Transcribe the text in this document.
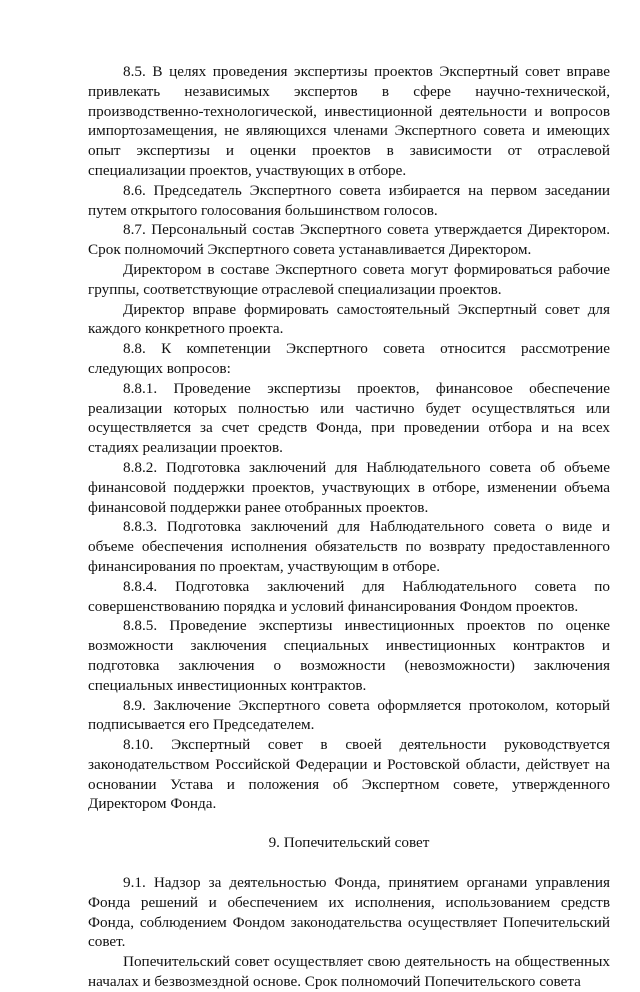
8.5. В целях проведения экспертизы проектов Экспертный совет вправе привлекать независимых экспертов в сфере научно-технической, производственно-технологической, инвестиционной деятельности и вопросов импортозамещения, не являющихся членами Экспертного совета и имеющих опыт экспертизы и оценки проектов в зависимости от отраслевой специализации проектов, участвующих в отборе.

8.6. Председатель Экспертного совета избирается на первом заседании путем открытого голосования большинством голосов.

8.7. Персональный состав Экспертного совета утверждается Директором. Срок полномочий Экспертного совета устанавливается Директором.

Директором в составе Экспертного совета могут формироваться рабочие группы, соответствующие отраслевой специализации проектов.

Директор вправе формировать самостоятельный Экспертный совет для каждого конкретного проекта.

8.8. К компетенции Экспертного совета относится рассмотрение следующих вопросов:

8.8.1. Проведение экспертизы проектов, финансовое обеспечение реализации которых полностью или частично будет осуществляться или осуществляется за счет средств Фонда, при проведении отбора и на всех стадиях реализации проектов.

8.8.2. Подготовка заключений для Наблюдательного совета об объеме финансовой поддержки проектов, участвующих в отборе, изменении объема финансовой поддержки ранее отобранных проектов.

8.8.3. Подготовка заключений для Наблюдательного совета о виде и объеме обеспечения исполнения обязательств по возврату предоставленного финансирования по проектам, участвующим в отборе.

8.8.4. Подготовка заключений для Наблюдательного совета по совершенствованию порядка и условий финансирования Фондом проектов.

8.8.5. Проведение экспертизы инвестиционных проектов по оценке возможности заключения специальных инвестиционных контрактов и подготовка заключения о возможности (невозможности) заключения специальных инвестиционных контрактов.

8.9. Заключение Экспертного совета оформляется протоколом, который подписывается его Председателем.

8.10. Экспертный совет в своей деятельности руководствуется законодательством Российской Федерации и Ростовской области, действует на основании Устава и положения об Экспертном совете, утвержденного Директором Фонда.

9. Попечительский совет

9.1. Надзор за деятельностью Фонда, принятием органами управления Фонда решений и обеспечением их исполнения, использованием средств Фонда, соблюдением Фондом законодательства осуществляет Попечительский совет.

Попечительский совет осуществляет свою деятельность на общественных началах и безвозмездной основе. Срок полномочий Попечительского совета
